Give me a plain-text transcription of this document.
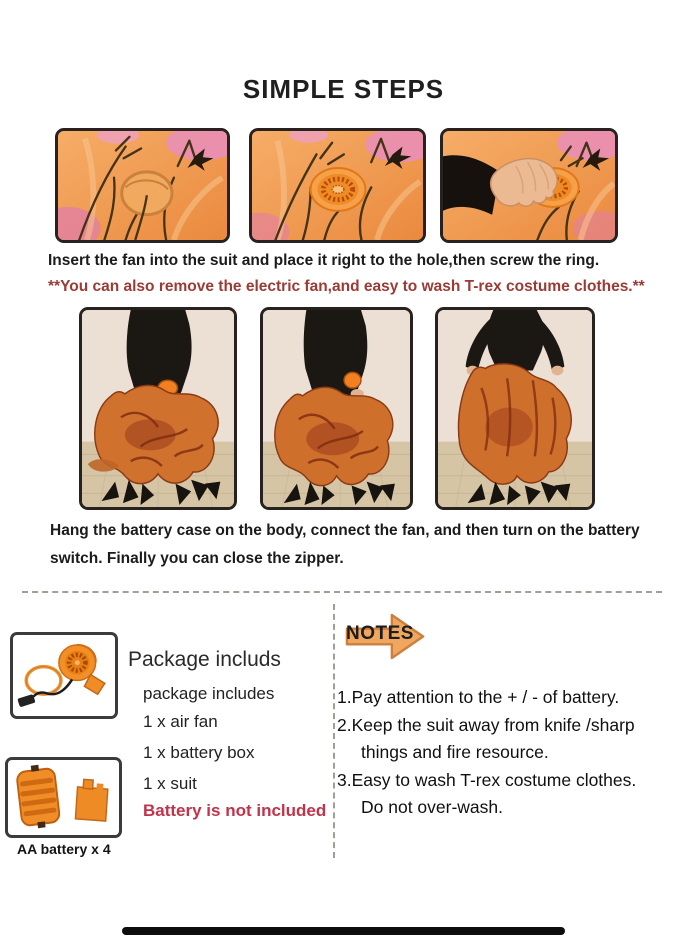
SIMPLE STEPS
Insert the fan into the suit and place it right to the hole,then screw the ring.
**You can also remove the electric fan,and easy to wash T-rex costume clothes.**
Hang the battery case on the body, connect the fan, and then turn on the battery switch. Finally you can close the zipper.
AA battery x 4
Package includs
package includes
1 x air fan
1 x battery box
1 x suit
Battery is not included
NOTES
1.Pay attention to the + / - of battery.
2.Keep the suit away from knife /sharp
things and fire resource.
3.Easy to wash T-rex costume clothes.
Do not over-wash.
